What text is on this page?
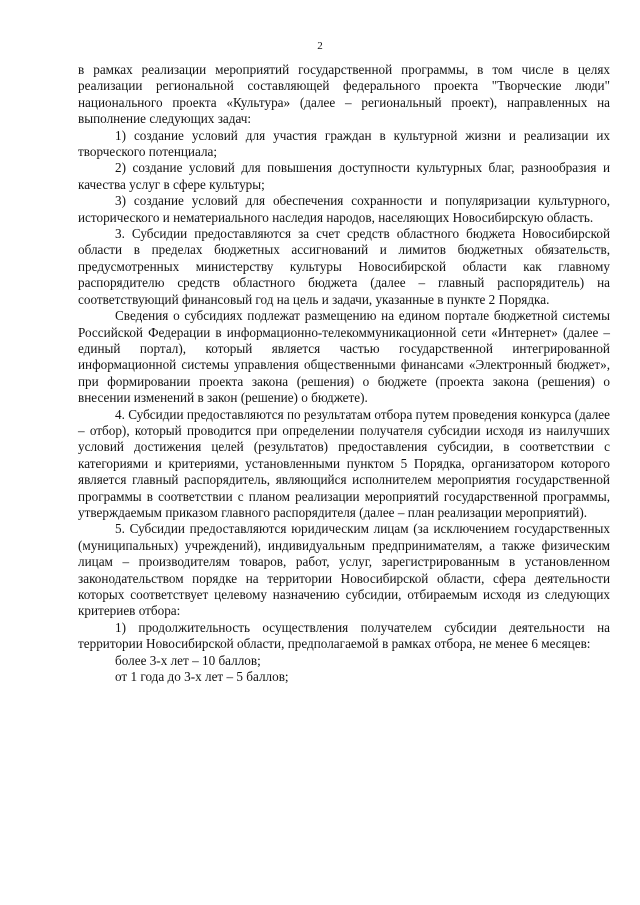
2

в рамках реализации мероприятий государственной программы, в том числе в целях реализации региональной составляющей федерального проекта "Творческие люди" национального проекта «Культура» (далее – региональный проект), направленных на выполнение следующих задач:

1) создание условий для участия граждан в культурной жизни и реализации их творческого потенциала;

2) создание условий для повышения доступности культурных благ, разнообразия и качества услуг в сфере культуры;

3) создание условий для обеспечения сохранности и популяризации культурного, исторического и нематериального наследия народов, населяющих Новосибирскую область.

3. Субсидии предоставляются за счет средств областного бюджета Новосибирской области в пределах бюджетных ассигнований и лимитов бюджетных обязательств, предусмотренных министерству культуры Новосибирской области как главному распорядителю средств областного бюджета (далее – главный распорядитель) на соответствующий финансовый год на цель и задачи, указанные в пункте 2 Порядка.

Сведения о субсидиях подлежат размещению на едином портале бюджетной системы Российской Федерации в информационно-телекоммуникационной сети «Интернет» (далее – единый портал), который является частью государственной интегрированной информационной системы управления общественными финансами «Электронный бюджет», при формировании проекта закона (решения) о бюджете (проекта закона (решения) о внесении изменений в закон (решение) о бюджете).

4. Субсидии предоставляются по результатам отбора путем проведения конкурса (далее – отбор), который проводится при определении получателя субсидии исходя из наилучших условий достижения целей (результатов) предоставления субсидии, в соответствии с категориями и критериями, установленными пунктом 5 Порядка, организатором которого является главный распорядитель, являющийся исполнителем мероприятия государственной программы в соответствии с планом реализации мероприятий государственной программы, утверждаемым приказом главного распорядителя (далее – план реализации мероприятий).

5. Субсидии предоставляются юридическим лицам (за исключением государственных (муниципальных) учреждений), индивидуальным предпринимателям, а также физическим лицам – производителям товаров, работ, услуг, зарегистрированным в установленном законодательством порядке на территории Новосибирской области, сфера деятельности которых соответствует целевому назначению субсидии, отбираемым исходя из следующих критериев отбора:

1) продолжительность осуществления получателем субсидии деятельности на территории Новосибирской области, предполагаемой в рамках отбора, не менее 6 месяцев:

более 3-х лет – 10 баллов;

от 1 года до 3-х лет – 5 баллов;
